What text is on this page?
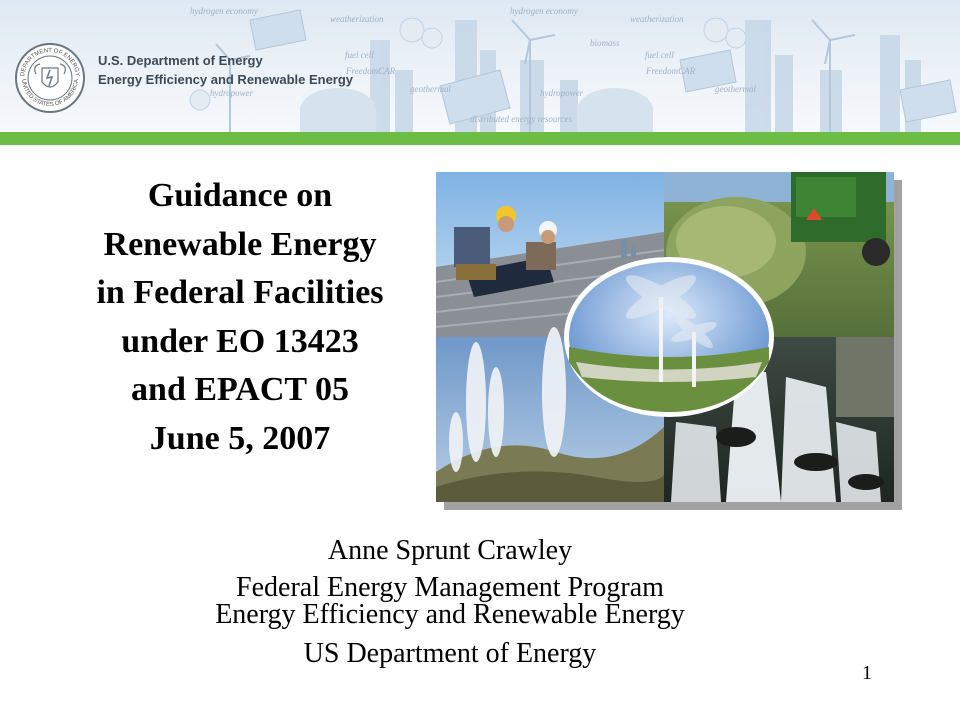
hydrogen economy
weatherization
fuel cell
FreedomCAR
geothermal
hydropower
distributed energy resources
biomass
hydrogen economy
fuel cell
FreedomCAR
geothermal
weatherization
hydropower
DEPARTMENT OF ENERGY
UNITED STATES OF AMERICA
U.S. Department of Energy
Energy Efficiency and Renewable Energy
Guidance on
Renewable Energy
in Federal Facilities
under EO 13423
and EPACT 05
June 5, 2007
Anne Sprunt Crawley
Federal Energy Management Program
Energy Efficiency and Renewable Energy
US Department of Energy
1
